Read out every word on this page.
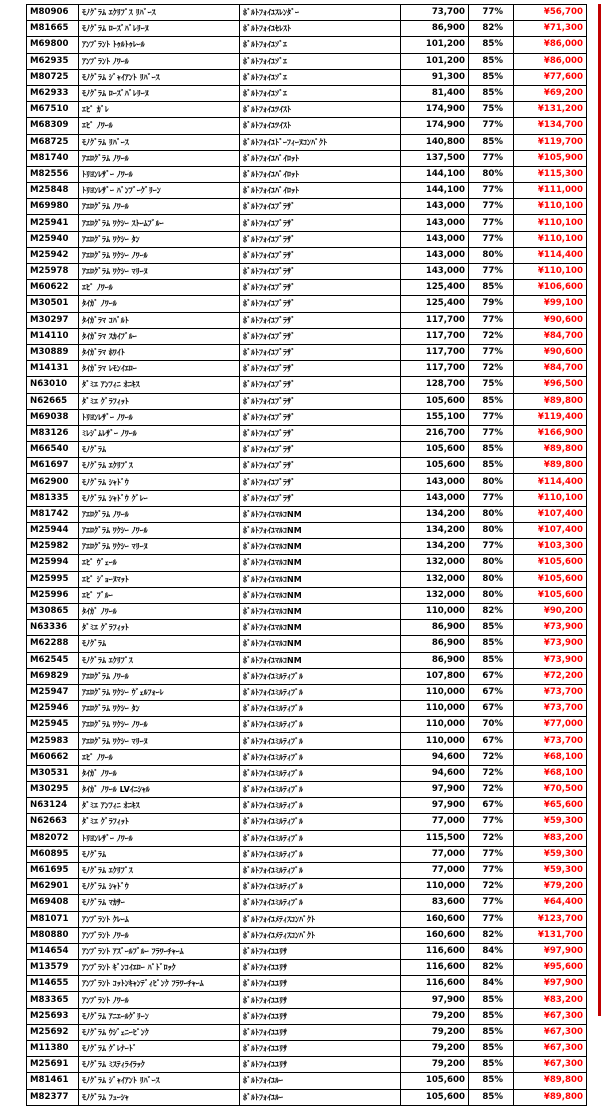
M80906	ﾓﾉｸﾞﾗﾑ ｴｸﾘﾌﾟｽ ﾘﾊﾞｰｽ	ﾎﾞﾙﾄﾌｫｲﾕｽﾚﾝﾀﾞｰ	73,700	77%	¥56,700
M81665	ﾓﾉｸﾞﾗﾑ ﾛｰｽﾞﾊﾞﾚﾘｰﾇ	ﾎﾞﾙﾄﾌｫｲﾕｾﾚｽﾄ	86,900	82%	¥71,300
M69800	ｱﾝﾌﾟﾗﾝﾄ ﾄｩﾙﾄｩﾚｰﾙ	ﾎﾞﾙﾄﾌｫｲﾕｿﾞｴ	101,200	85%	¥86,000
M62935	ｱﾝﾌﾟﾗﾝﾄ ﾉﾜｰﾙ	ﾎﾞﾙﾄﾌｫｲﾕｿﾞｴ	101,200	85%	¥86,000
M80725	ﾓﾉｸﾞﾗﾑ ｼﾞｬｲｱﾝﾄ ﾘﾊﾞｰｽ	ﾎﾞﾙﾄﾌｫｲﾕｿﾞｴ	91,300	85%	¥77,600
M62933	ﾓﾉｸﾞﾗﾑ ﾛｰｽﾞﾊﾞﾚﾘｰﾇ	ﾎﾞﾙﾄﾌｫｲﾕｿﾞｴ	81,400	85%	¥69,200
M67510	ｴﾋﾟ ｶﾞﾚ	ﾎﾞﾙﾄﾌｫｲﾕﾂｲｽﾄ	174,900	75%	¥131,200
M68309	ｴﾋﾟ ﾉﾜｰﾙ	ﾎﾞﾙﾄﾌｫｲﾕﾂｲｽﾄ	174,900	77%	¥134,700
M68725	ﾓﾉｸﾞﾗﾑ ﾘﾊﾞｰｽ	ﾎﾞﾙﾄﾌｫｲﾕﾄﾞｰﾌｨｰﾇｺﾝﾊﾟｸﾄ	140,800	85%	¥119,700
M81740	ｱｴﾛｸﾞﾗﾑ ﾉﾜｰﾙ	ﾎﾞﾙﾄﾌｫｲﾕﾊﾟｲﾛｯﾄ	137,500	77%	¥105,900
M82556	ﾄﾘﾖﾝﾚｻﾞｰ ﾉﾜｰﾙ	ﾎﾞﾙﾄﾌｫｲﾕﾊﾟｲﾛｯﾄ	144,100	80%	¥115,300
M25848	ﾄﾘﾖﾝﾚｻﾞｰ ﾊﾞﾝﾌﾞｰｸﾞﾘｰﾝ	ﾎﾞﾙﾄﾌｫｲﾕﾊﾟｲﾛｯﾄ	144,100	77%	¥111,000
M69980	ｱｴﾛｸﾞﾗﾑ ﾉﾜｰﾙ	ﾎﾞﾙﾄﾌｫｲﾕﾌﾞﾗｻﾞ	143,000	77%	¥110,100
M25941	ｱｴﾛｸﾞﾗﾑ ﾜｸｼｰ ｽﾄｰﾑﾌﾞﾙｰ	ﾎﾞﾙﾄﾌｫｲﾕﾌﾞﾗｻﾞ	143,000	77%	¥110,100
M25940	ｱｴﾛｸﾞﾗﾑ ﾜｸｼｰ ﾀﾝ	ﾎﾞﾙﾄﾌｫｲﾕﾌﾞﾗｻﾞ	143,000	77%	¥110,100
M25942	ｱｴﾛｸﾞﾗﾑ ﾜｸｼｰ ﾉﾜｰﾙ	ﾎﾞﾙﾄﾌｫｲﾕﾌﾞﾗｻﾞ	143,000	80%	¥114,400
M25978	ｱｴﾛｸﾞﾗﾑ ﾜｸｼｰ ﾏﾘｰﾇ	ﾎﾞﾙﾄﾌｫｲﾕﾌﾞﾗｻﾞ	143,000	77%	¥110,100
M60622	ｴﾋﾟ ﾉﾜｰﾙ	ﾎﾞﾙﾄﾌｫｲﾕﾌﾞﾗｻﾞ	125,400	85%	¥106,600
M30501	ﾀｲｶﾞ ﾉﾜｰﾙ	ﾎﾞﾙﾄﾌｫｲﾕﾌﾞﾗｻﾞ	125,400	79%	¥99,100
M30297	ﾀｲｶﾞﾗﾏ ｺﾊﾞﾙﾄ	ﾎﾞﾙﾄﾌｫｲﾕﾌﾞﾗｻﾞ	117,700	77%	¥90,600
M14110	ﾀｲｶﾞﾗﾏ ｽｶｲﾌﾞﾙｰ	ﾎﾞﾙﾄﾌｫｲﾕﾌﾞﾗｻﾞ	117,700	72%	¥84,700
M30889	ﾀｲｶﾞﾗﾏ ﾎﾜｲﾄ	ﾎﾞﾙﾄﾌｫｲﾕﾌﾞﾗｻﾞ	117,700	77%	¥90,600
M14131	ﾀｲｶﾞﾗﾏ ﾚﾓﾝｲｴﾛｰ	ﾎﾞﾙﾄﾌｫｲﾕﾌﾞﾗｻﾞ	117,700	72%	¥84,700
N63010	ﾀﾞﾐｴ ｱﾝﾌｨﾆ ｵﾆｷｽ	ﾎﾞﾙﾄﾌｫｲﾕﾌﾞﾗｻﾞ	128,700	75%	¥96,500
N62665	ﾀﾞﾐｴ ｸﾞﾗﾌｨｯﾄ	ﾎﾞﾙﾄﾌｫｲﾕﾌﾞﾗｻﾞ	105,600	85%	¥89,800
M69038	ﾄﾘﾖﾝﾚｻﾞｰ ﾉﾜｰﾙ	ﾎﾞﾙﾄﾌｫｲﾕﾌﾞﾗｻﾞ	155,100	77%	¥119,400
M83126	ﾐﾚｼﾞﾑﾚｻﾞｰ ﾉﾜｰﾙ	ﾎﾞﾙﾄﾌｫｲﾕﾌﾞﾗｻﾞ	216,700	77%	¥166,900
M66540	ﾓﾉｸﾞﾗﾑ	ﾎﾞﾙﾄﾌｫｲﾕﾌﾞﾗｻﾞ	105,600	85%	¥89,800
M61697	ﾓﾉｸﾞﾗﾑ ｴｸﾘﾌﾟｽ	ﾎﾞﾙﾄﾌｫｲﾕﾌﾞﾗｻﾞ	105,600	85%	¥89,800
M62900	ﾓﾉｸﾞﾗﾑ ｼｬﾄﾞｳ	ﾎﾞﾙﾄﾌｫｲﾕﾌﾞﾗｻﾞ	143,000	80%	¥114,400
M81335	ﾓﾉｸﾞﾗﾑ ｼｬﾄﾞｳ ｸﾞﾚｰ	ﾎﾞﾙﾄﾌｫｲﾕﾌﾞﾗｻﾞ	143,000	77%	¥110,100
M81742	ｱｴﾛｸﾞﾗﾑ ﾉﾜｰﾙ	ﾎﾞﾙﾄﾌｫｲﾕﾏﾙｺNM	134,200	80%	¥107,400
M25944	ｱｴﾛｸﾞﾗﾑ ﾜｸｼｰ ﾉﾜｰﾙ	ﾎﾞﾙﾄﾌｫｲﾕﾏﾙｺNM	134,200	80%	¥107,400
M25982	ｱｴﾛｸﾞﾗﾑ ﾜｸｼｰ ﾏﾘｰﾇ	ﾎﾞﾙﾄﾌｫｲﾕﾏﾙｺNM	134,200	77%	¥103,300
M25994	ｴﾋﾟ ｳﾞｪｰﾙ	ﾎﾞﾙﾄﾌｫｲﾕﾏﾙｺNM	132,000	80%	¥105,600
M25995	ｴﾋﾟ ｼﾞｮｰﾇﾏｯﾄ	ﾎﾞﾙﾄﾌｫｲﾕﾏﾙｺNM	132,000	80%	¥105,600
M25996	ｴﾋﾟ ﾌﾞﾙｰ	ﾎﾞﾙﾄﾌｫｲﾕﾏﾙｺNM	132,000	80%	¥105,600
M30865	ﾀｲｶﾞ ﾉﾜｰﾙ	ﾎﾞﾙﾄﾌｫｲﾕﾏﾙｺNM	110,000	82%	¥90,200
N63336	ﾀﾞﾐｴ ｸﾞﾗﾌｨｯﾄ	ﾎﾞﾙﾄﾌｫｲﾕﾏﾙｺNM	86,900	85%	¥73,900
M62288	ﾓﾉｸﾞﾗﾑ	ﾎﾞﾙﾄﾌｫｲﾕﾏﾙｺNM	86,900	85%	¥73,900
M62545	ﾓﾉｸﾞﾗﾑ ｴｸﾘﾌﾟｽ	ﾎﾞﾙﾄﾌｫｲﾕﾏﾙｺNM	86,900	85%	¥73,900
M69829	ｱｴﾛｸﾞﾗﾑ ﾉﾜｰﾙ	ﾎﾞﾙﾄﾌｫｲﾕﾐﾙﾃｨﾌﾟﾙ	107,800	67%	¥72,200
M25947	ｱｴﾛｸﾞﾗﾑ ﾜｸｼｰ ｳﾞｪﾙﾌｫｰﾚ	ﾎﾞﾙﾄﾌｫｲﾕﾐﾙﾃｨﾌﾟﾙ	110,000	67%	¥73,700
M25946	ｱｴﾛｸﾞﾗﾑ ﾜｸｼｰ ﾀﾝ	ﾎﾞﾙﾄﾌｫｲﾕﾐﾙﾃｨﾌﾟﾙ	110,000	67%	¥73,700
M25945	ｱｴﾛｸﾞﾗﾑ ﾜｸｼｰ ﾉﾜｰﾙ	ﾎﾞﾙﾄﾌｫｲﾕﾐﾙﾃｨﾌﾟﾙ	110,000	70%	¥77,000
M25983	ｱｴﾛｸﾞﾗﾑ ﾜｸｼｰ ﾏﾘｰﾇ	ﾎﾞﾙﾄﾌｫｲﾕﾐﾙﾃｨﾌﾟﾙ	110,000	67%	¥73,700
M60662	ｴﾋﾟ ﾉﾜｰﾙ	ﾎﾞﾙﾄﾌｫｲﾕﾐﾙﾃｨﾌﾟﾙ	94,600	72%	¥68,100
M30531	ﾀｲｶﾞ ﾉﾜｰﾙ	ﾎﾞﾙﾄﾌｫｲﾕﾐﾙﾃｨﾌﾟﾙ	94,600	72%	¥68,100
M30295	ﾀｲｶﾞ ﾉﾜｰﾙ LVｲﾆｼｬﾙ	ﾎﾞﾙﾄﾌｫｲﾕﾐﾙﾃｨﾌﾟﾙ	97,900	72%	¥70,500
N63124	ﾀﾞﾐｴ ｱﾝﾌｨﾆ ｵﾆｷｽ	ﾎﾞﾙﾄﾌｫｲﾕﾐﾙﾃｨﾌﾟﾙ	97,900	67%	¥65,600
N62663	ﾀﾞﾐｴ ｸﾞﾗﾌｨｯﾄ	ﾎﾞﾙﾄﾌｫｲﾕﾐﾙﾃｨﾌﾟﾙ	77,000	77%	¥59,300
M82072	ﾄﾘﾖﾝﾚｻﾞｰ ﾉﾜｰﾙ	ﾎﾞﾙﾄﾌｫｲﾕﾐﾙﾃｨﾌﾟﾙ	115,500	72%	¥83,200
M60895	ﾓﾉｸﾞﾗﾑ	ﾎﾞﾙﾄﾌｫｲﾕﾐﾙﾃｨﾌﾟﾙ	77,000	77%	¥59,300
M61695	ﾓﾉｸﾞﾗﾑ ｴｸﾘﾌﾟｽ	ﾎﾞﾙﾄﾌｫｲﾕﾐﾙﾃｨﾌﾟﾙ	77,000	77%	¥59,300
M62901	ﾓﾉｸﾞﾗﾑ ｼｬﾄﾞｳ	ﾎﾞﾙﾄﾌｫｲﾕﾐﾙﾃｨﾌﾟﾙ	110,000	72%	¥79,200
M69408	ﾓﾉｸﾞﾗﾑ ﾏｶｻｰ	ﾎﾞﾙﾄﾌｫｲﾕﾐﾙﾃｨﾌﾟﾙ	83,600	77%	¥64,400
M81071	ｱﾝﾌﾟﾗﾝﾄ ｸﾚｰﾑ	ﾎﾞﾙﾄﾌｫｲﾕﾒﾃｨｽｺﾝﾊﾟｸﾄ	160,600	77%	¥123,700
M80880	ｱﾝﾌﾟﾗﾝﾄ ﾉﾜｰﾙ	ﾎﾞﾙﾄﾌｫｲﾕﾒﾃｨｽｺﾝﾊﾟｸﾄ	160,600	82%	¥131,700
M14654	ｱﾝﾌﾟﾗﾝﾄ ｱｽﾞｰﾙﾌﾞﾙｰ ﾌﾗﾜｰﾁｬｰﾑ	ﾎﾞﾙﾄﾌｫｲﾕﾕﾘｻ	116,600	84%	¥97,900
M13579	ｱﾝﾌﾟﾗﾝﾄ ｷﾞﾝｺｲｴﾛｰ ﾊﾟﾄﾞﾛｯｸ	ﾎﾞﾙﾄﾌｫｲﾕﾕﾘｻ	116,600	82%	¥95,600
M14655	ｱﾝﾌﾟﾗﾝﾄ ｺｯﾄﾝｷｬﾝﾃﾞｨﾋﾟﾝｸ ﾌﾗﾜｰﾁｬｰﾑ	ﾎﾞﾙﾄﾌｫｲﾕﾕﾘｻ	116,600	84%	¥97,900
M83365	ｱﾝﾌﾟﾗﾝﾄ ﾉﾜｰﾙ	ﾎﾞﾙﾄﾌｫｲﾕﾕﾘｻ	97,900	85%	¥83,200
M25693	ﾓﾉｸﾞﾗﾑ ｱﾆｴｰﾙｸﾞﾘｰﾝ	ﾎﾞﾙﾄﾌｫｲﾕﾕﾘｻ	79,200	85%	¥67,300
M25692	ﾓﾉｸﾞﾗﾑ ｳｼﾞｪﾆｰﾋﾟﾝｸ	ﾎﾞﾙﾄﾌｫｲﾕﾕﾘｻ	79,200	85%	¥67,300
M11380	ﾓﾉｸﾞﾗﾑ ｸﾞﾚﾅｰﾄﾞ	ﾎﾞﾙﾄﾌｫｲﾕﾕﾘｻ	79,200	85%	¥67,300
M25691	ﾓﾉｸﾞﾗﾑ ﾐｽﾃｨﾗｲﾗｯｸ	ﾎﾞﾙﾄﾌｫｲﾕﾕﾘｻ	79,200	85%	¥67,300
M81461	ﾓﾉｸﾞﾗﾑ ｼﾞｬｲｱﾝﾄ ﾘﾊﾞｰｽ	ﾎﾞﾙﾄﾌｫｲﾕﾙｰ	105,600	85%	¥89,800
M82377	ﾓﾉｸﾞﾗﾑ ﾌｭｰｼｬ	ﾎﾞﾙﾄﾌｫｲﾕﾙｰ	105,600	85%	¥89,800
